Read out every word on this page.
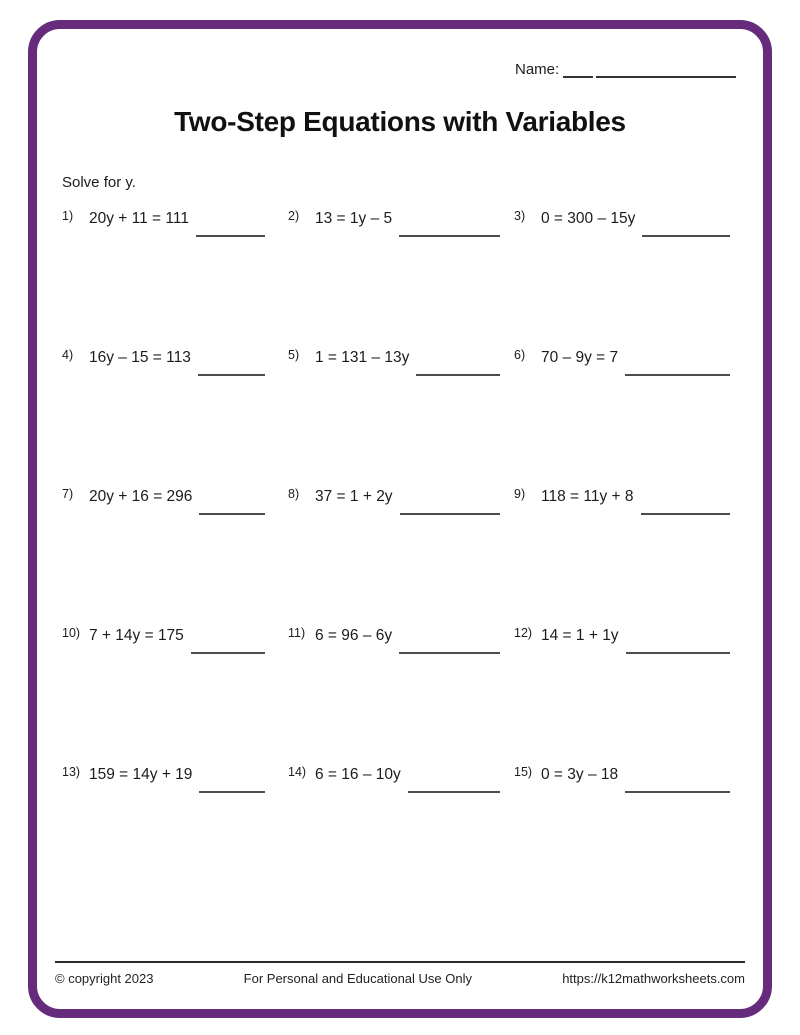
Name:
Two-Step Equations with Variables
Solve for y.
1)	20y + 11 = 111	2)	13 = 1y – 5	3)	0 = 300 – 15y
4)	16y – 15 = 113	5)	1 = 131 – 13y	6)	70 – 9y = 7
7)	20y + 16 = 296	8)	37 = 1 + 2y	9)	118 = 11y + 8
10) 7 + 14y = 175	11) 6 = 96 – 6y	12) 14 = 1 + 1y
13) 159 = 14y + 19	14) 6 = 16 – 10y	15) 0 = 3y – 18
© copyright 2023	For Personal and Educational Use Only	https://k12mathworksheets.com
